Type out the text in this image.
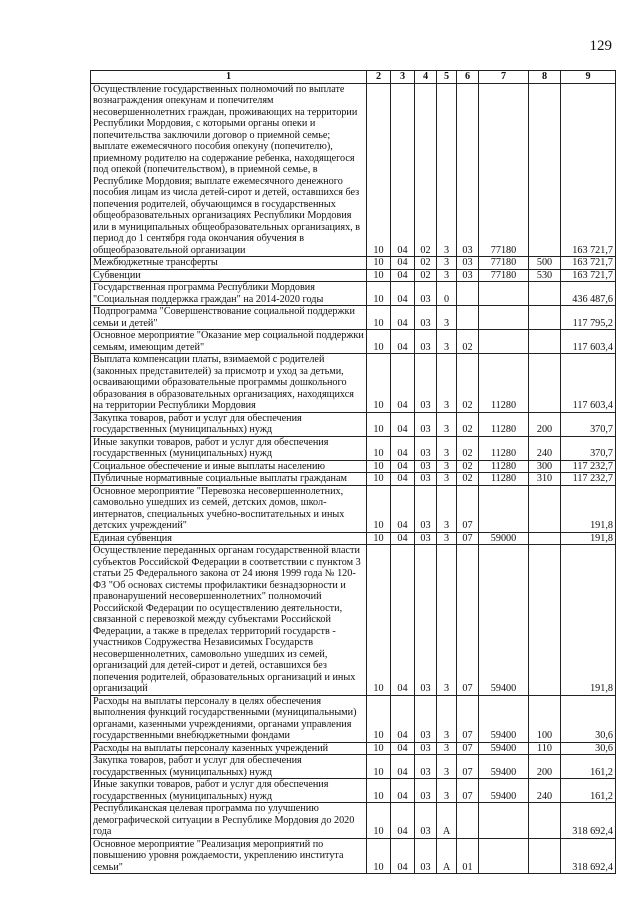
129
1	2	3	4	5	6	7	8	9
Осуществление государственных полномочий по выплате вознаграждения опекунам и попечителям несовершеннолетних граждан, проживающих на территории Республики Мордовия, с которыми органы опеки и попечительства заключили договор о приемной семье; выплате ежемесячного пособия опекуну (попечителю), приемному родителю на содержание ребенка, находящегося под опекой (попечительством), в приемной семье, в Республике Мордовия; выплате ежемесячного денежного пособия лицам из числа детей-сирот и детей, оставшихся без попечения родителей, обучающимся в государственных общеобразовательных организациях Республики Мордовия или в муниципальных общеобразовательных организациях, в период до 1 сентября года окончания обучения в общеобразовательной организации	10	04	02	3	03	77180		163 721,7
Межбюджетные трансферты	10	04	02	3	03	77180	500	163 721,7
Субвенции	10	04	02	3	03	77180	530	163 721,7
Государственная программа Республики Мордовия "Социальная поддержка граждан" на 2014-2020 годы	10	04	03	0				436 487,6
Подпрограмма "Совершенствование социальной поддержки семьи и детей"	10	04	03	3				117 795,2
Основное мероприятие "Оказание мер социальной поддержки семьям, имеющим детей"	10	04	03	3	02			117 603,4
Выплата компенсации платы, взимаемой с родителей (законных представителей) за присмотр и уход за детьми, осваивающими образовательные программы дошкольного образования в образовательных организациях, находящихся на территории Республики Мордовия	10	04	03	3	02	11280		117 603,4
Закупка товаров, работ и услуг для обеспечения государственных (муниципальных) нужд	10	04	03	3	02	11280	200	370,7
Иные закупки товаров, работ и услуг для обеспечения государственных (муниципальных) нужд	10	04	03	3	02	11280	240	370,7
Социальное обеспечение и иные выплаты населению	10	04	03	3	02	11280	300	117 232,7
Публичные нормативные социальные выплаты гражданам	10	04	03	3	02	11280	310	117 232,7
Основное мероприятие "Перевозка несовершеннолетних, самовольно ушедших из семей, детских домов, школ-интернатов, специальных учебно-воспитательных и иных детских учреждений"	10	04	03	3	07			191,8
Единая субвенция	10	04	03	3	07	59000		191,8
Осуществление переданных органам государственной власти субъектов Российской Федерации в соответствии с пунктом 3 статьи 25 Федерального закона от 24 июня 1999 года № 120-ФЗ "Об основах системы профилактики безнадзорности и правонарушений несовершеннолетних" полномочий Российской Федерации по осуществлению деятельности, связанной с перевозкой между субъектами Российской Федерации, а также в пределах территорий государств - участников Содружества Независимых Государств несовершеннолетних, самовольно ушедших из семей, организаций для детей-сирот и детей, оставшихся без попечения родителей, образовательных организаций и иных организаций	10	04	03	3	07	59400		191,8
Расходы на выплаты персоналу в целях обеспечения выполнения функций государственными (муниципальными) органами, казенными учреждениями, органами управления государственными внебюджетными фондами	10	04	03	3	07	59400	100	30,6
Расходы на выплаты персоналу казенных учреждений	10	04	03	3	07	59400	110	30,6
Закупка товаров, работ и услуг для обеспечения государственных (муниципальных) нужд	10	04	03	3	07	59400	200	161,2
Иные закупки товаров, работ и услуг для обеспечения государственных (муниципальных) нужд	10	04	03	3	07	59400	240	161,2
Республиканская целевая программа по улучшению демографической ситуации в Республике Мордовия до 2020 года	10	04	03	А				318 692,4
Основное мероприятие "Реализация мероприятий по повышению уровня рождаемости, укреплению института семьи"	10	04	03	А	01			318 692,4
